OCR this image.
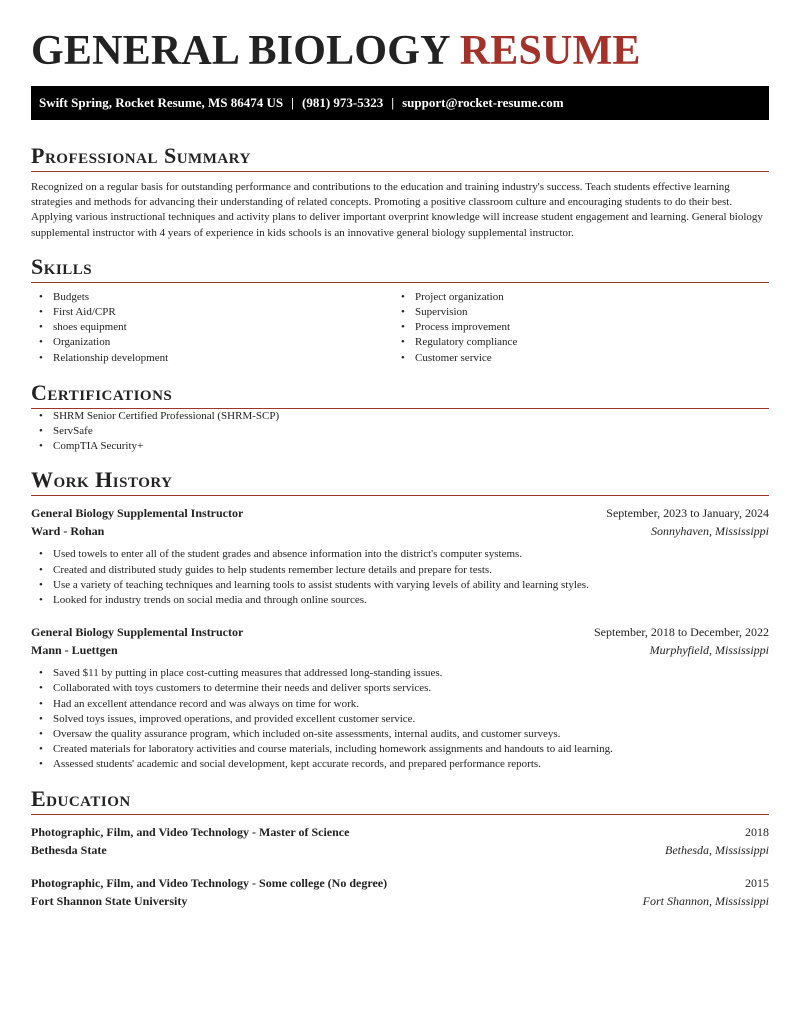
GENERAL BIOLOGY RESUME
Swift Spring, Rocket Resume, MS 86474 US | (981) 973-5323 | support@rocket-resume.com
Professional Summary

Recognized on a regular basis for outstanding performance and contributions to the education and training industry's success. Teach students effective learning strategies and methods for advancing their understanding of related concepts. Promoting a positive classroom culture and encouraging students to do their best. Applying various instructional techniques and activity plans to deliver important overprint knowledge will increase student engagement and learning. General biology supplemental instructor with 4 years of experience in kids schools is an innovative general biology supplemental instructor.

Skills
• Budgets
• First Aid/CPR
• shoes equipment
• Organization
• Relationship development
• Project organization
• Supervision
• Process improvement
• Regulatory compliance
• Customer service
Certifications
• SHRM Senior Certified Professional (SHRM-SCP)
• ServSafe
• CompTIA Security+
Work History
General Biology Supplemental Instructor	September, 2023 to January, 2024
Ward - Rohan	Sonnyhaven, Mississippi
• Used towels to enter all of the student grades and absence information into the district's computer systems.
• Created and distributed study guides to help students remember lecture details and prepare for tests.
• Use a variety of teaching techniques and learning tools to assist students with varying levels of ability and learning styles.
• Looked for industry trends on social media and through online sources.
General Biology Supplemental Instructor	September, 2018 to December, 2022
Mann - Luettgen	Murphyfield, Mississippi
• Saved $11 by putting in place cost-cutting measures that addressed long-standing issues.
• Collaborated with toys customers to determine their needs and deliver sports services.
• Had an excellent attendance record and was always on time for work.
• Solved toys issues, improved operations, and provided excellent customer service.
• Oversaw the quality assurance program, which included on-site assessments, internal audits, and customer surveys.
• Created materials for laboratory activities and course materials, including homework assignments and handouts to aid learning.
• Assessed students' academic and social development, kept accurate records, and prepared performance reports.
Education
Photographic, Film, and Video Technology - Master of Science	2018
Bethesda State	Bethesda, Mississippi
Photographic, Film, and Video Technology - Some college (No degree)	2015
Fort Shannon State University	Fort Shannon, Mississippi
